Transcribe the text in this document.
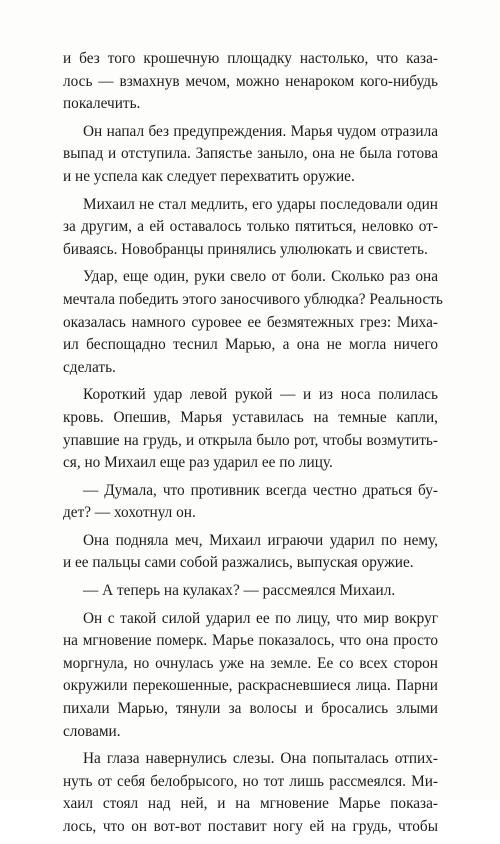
и без того крошечную площадку настолько, что каза-
лось — взмахнув мечом, можно ненароком кого-нибудь
покалечить.
Он напал без предупреждения. Марья чудом отразила
выпад и отступила. Запястье заныло, она не была готова
и не успела как следует перехватить оружие.
Михаил не стал медлить, его удары последовали один
за другим, а ей оставалось только пятиться, неловко от-
биваясь. Новобранцы принялись улюлюкать и свистеть.
Удар, еще один, руки свело от боли. Сколько раз она
мечтала победить этого заносчивого ублюдка? Реальность
оказалась намного суровее ее безмятежных грез: Миха-
ил беспощадно теснил Марью, а она не могла ничего
сделать.
Короткий удар левой рукой — и из носа полилась
кровь. Опешив, Марья уставилась на темные капли,
упавшие на грудь, и открыла было рот, чтобы возмутить-
ся, но Михаил еще раз ударил ее по лицу.
— Думала, что противник всегда честно драться бу-
дет? — хохотнул он.
Она подняла меч, Михаил играючи ударил по нему,
и ее пальцы сами собой разжались, выпуская оружие.
— А теперь на кулаках? — рассмеялся Михаил.
Он с такой силой ударил ее по лицу, что мир вокруг
на мгновение померк. Марье показалось, что она просто
моргнула, но очнулась уже на земле. Ее со всех сторон
окружили перекошенные, раскрасневшиеся лица. Парни
пихали Марью, тянули за волосы и бросались злыми
словами.
На глаза навернулись слезы. Она попыталась отпих-
нуть от себя белобрысого, но тот лишь рассмеялся. Ми-
хаил стоял над ней, и на мгновение Марье показа-
лось, что он вот-вот поставит ногу ей на грудь, чтобы
